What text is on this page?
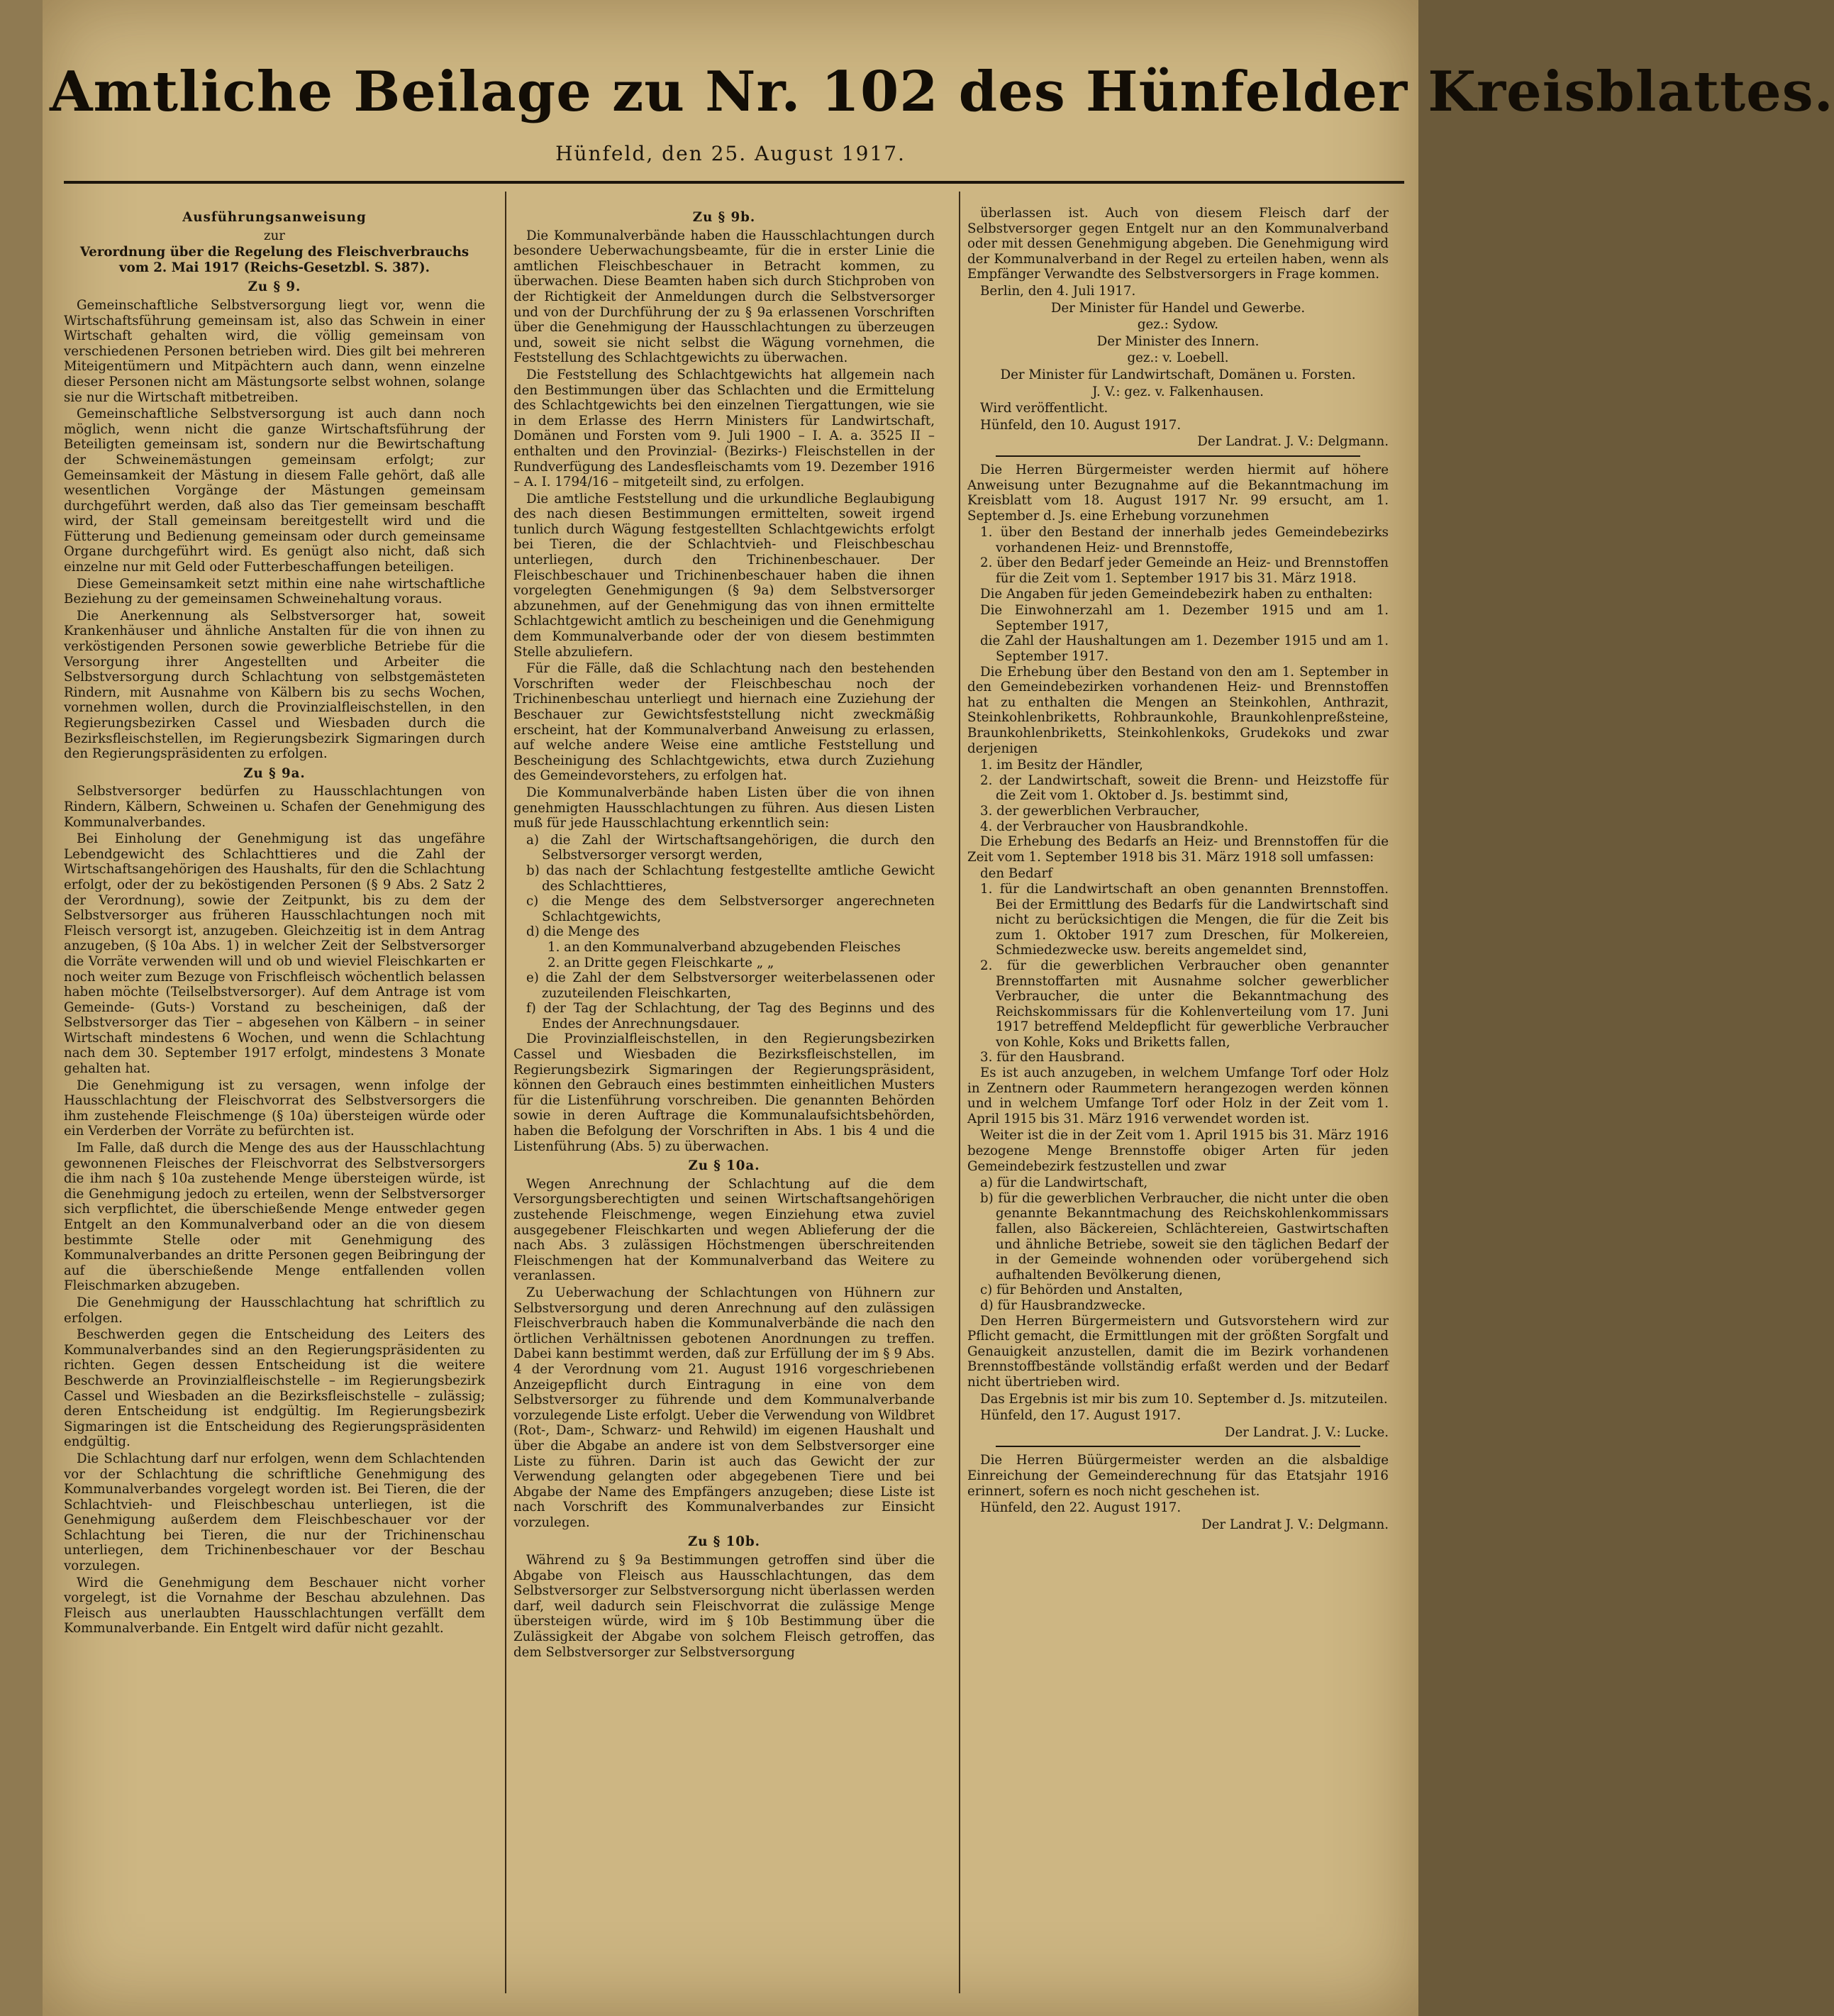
Amtliche Beilage zu Nr. 102 des Hünfelder Kreisblattes.
Hünfeld, den 25. August 1917.

Ausführungsanweisung

zur

Verordnung über die Regelung des Fleischverbrauchs vom 2. Mai 1917 (Reichs-Gesetzbl. S. 387).

Zu § 9.

Gemeinschaftliche Selbstversorgung liegt vor, wenn die Wirtschaftsführung gemeinsam ist, also das Schwein in einer Wirtschaft gehalten wird, die völlig gemeinsam von verschiedenen Personen betrieben wird. Dies gilt bei mehreren Miteigentümern und Mitpächtern auch dann, wenn einzelne dieser Personen nicht am Mästungsorte selbst wohnen, solange sie nur die Wirtschaft mitbetreiben.

Gemeinschaftliche Selbstversorgung ist auch dann noch möglich, wenn nicht die ganze Wirtschaftsführung der Beteiligten gemeinsam ist, sondern nur die Bewirtschaftung der Schweinemästungen gemeinsam erfolgt; zur Gemeinsamkeit der Mästung in diesem Falle gehört, daß alle wesentlichen Vorgänge der Mästungen gemeinsam durchgeführt werden, daß also das Tier gemeinsam beschafft wird, der Stall gemeinsam bereitgestellt wird und die Fütterung und Bedienung gemeinsam oder durch gemeinsame Organe durchgeführt wird. Es genügt also nicht, daß sich einzelne nur mit Geld oder Futterbeschaffungen beteiligen.

Diese Gemeinsamkeit setzt mithin eine nahe wirtschaftliche Beziehung zu der gemeinsamen Schweinehaltung voraus.

Die Anerkennung als Selbstversorger hat, soweit Krankenhäuser und ähnliche Anstalten für die von ihnen zu verköstigenden Personen sowie gewerbliche Betriebe für die Versorgung ihrer Angestellten und Arbeiter die Selbstversorgung durch Schlachtung von selbstgemästeten Rindern, mit Ausnahme von Kälbern bis zu sechs Wochen, vornehmen wollen, durch die Provinzialfleischstellen, in den Regierungsbezirken Cassel und Wiesbaden durch die Bezirksfleischstellen, im Regierungsbezirk Sigmaringen durch den Regierungspräsidenten zu erfolgen.

Zu § 9a.

Selbstversorger bedürfen zu Hausschlachtungen von Rindern, Kälbern, Schweinen u. Schafen der Genehmigung des Kommunalverbandes.

Bei Einholung der Genehmigung ist das ungefähre Lebendgewicht des Schlachttieres und die Zahl der Wirtschaftsangehörigen des Haushalts, für den die Schlachtung erfolgt, oder der zu beköstigenden Personen (§ 9 Abs. 2 Satz 2 der Verordnung), sowie der Zeitpunkt, bis zu dem der Selbstversorger aus früheren Hausschlachtungen noch mit Fleisch versorgt ist, anzugeben. Gleichzeitig ist in dem Antrag anzugeben, (§ 10a Abs. 1) in welcher Zeit der Selbstversorger die Vorräte verwenden will und ob und wieviel Fleischkarten er noch weiter zum Bezuge von Frischfleisch wöchentlich belassen haben möchte (Teilselbstversorger). Auf dem Antrage ist vom Gemeinde- (Guts-) Vorstand zu bescheinigen, daß der Selbstversorger das Tier – abgesehen von Kälbern – in seiner Wirtschaft mindestens 6 Wochen, und wenn die Schlachtung nach dem 30. September 1917 erfolgt, mindestens 3 Monate gehalten hat.

Die Genehmigung ist zu versagen, wenn infolge der Hausschlachtung der Fleischvorrat des Selbstversorgers die ihm zustehende Fleischmenge (§ 10a) übersteigen würde oder ein Verderben der Vorräte zu befürchten ist.

Im Falle, daß durch die Menge des aus der Hausschlachtung gewonnenen Fleisches der Fleischvorrat des Selbstversorgers die ihm nach § 10a zustehende Menge übersteigen würde, ist die Genehmigung jedoch zu erteilen, wenn der Selbstversorger sich verpflichtet, die überschießende Menge entweder gegen Entgelt an den Kommunalverband oder an die von diesem bestimmte Stelle oder mit Genehmigung des Kommunalverbandes an dritte Personen gegen Beibringung der auf die überschießende Menge entfallenden vollen Fleischmarken abzugeben.

Die Genehmigung der Hausschlachtung hat schriftlich zu erfolgen.

Beschwerden gegen die Entscheidung des Leiters des Kommunalverbandes sind an den Regierungspräsidenten zu richten. Gegen dessen Entscheidung ist die weitere Beschwerde an Provinzialfleischstelle – im Regierungsbezirk Cassel und Wiesbaden an die Bezirksfleischstelle – zulässig; deren Entscheidung ist endgültig. Im Regierungsbezirk Sigmaringen ist die Entscheidung des Regierungspräsidenten endgültig.

Die Schlachtung darf nur erfolgen, wenn dem Schlachtenden vor der Schlachtung die schriftliche Genehmigung des Kommunalverbandes vorgelegt worden ist. Bei Tieren, die der Schlachtvieh- und Fleischbeschau unterliegen, ist die Genehmigung außerdem dem Fleischbeschauer vor der Schlachtung bei Tieren, die nur der Trichinenschau unterliegen, dem Trichinenbeschauer vor der Beschau vorzulegen.

Wird die Genehmigung dem Beschauer nicht vorher vorgelegt, ist die Vornahme der Beschau abzulehnen. Das Fleisch aus unerlaubten Hausschlachtungen verfällt dem Kommunalverbande. Ein Entgelt wird dafür nicht gezahlt.

Zu § 9b.

Die Kommunalverbände haben die Hausschlachtungen durch besondere Ueberwachungsbeamte, für die in erster Linie die amtlichen Fleischbeschauer in Betracht kommen, zu überwachen. Diese Beamten haben sich durch Stichproben von der Richtigkeit der Anmeldungen durch die Selbstversorger und von der Durchführung der zu § 9a erlassenen Vorschriften über die Genehmigung der Hausschlachtungen zu überzeugen und, soweit sie nicht selbst die Wägung vornehmen, die Feststellung des Schlachtgewichts zu überwachen.

Die Feststellung des Schlachtgewichts hat allgemein nach den Bestimmungen über das Schlachten und die Ermittelung des Schlachtgewichts bei den einzelnen Tiergattungen, wie sie in dem Erlasse des Herrn Ministers für Landwirtschaft, Domänen und Forsten vom 9. Juli 1900 – I. A. a. 3525 II – enthalten und den Provinzial- (Bezirks-) Fleischstellen in der Rundverfügung des Landesfleischamts vom 19. Dezember 1916 – A. I. 1794/16 – mitgeteilt sind, zu erfolgen.

Die amtliche Feststellung und die urkundliche Beglaubigung des nach diesen Bestimmungen ermittelten, soweit irgend tunlich durch Wägung festgestellten Schlachtgewichts erfolgt bei Tieren, die der Schlachtvieh- und Fleischbeschau unterliegen, durch den Trichinenbeschauer. Der Fleischbeschauer und Trichinenbeschauer haben die ihnen vorgelegten Genehmigungen (§ 9a) dem Selbstversorger abzunehmen, auf der Genehmigung das von ihnen ermittelte Schlachtgewicht amtlich zu bescheinigen und die Genehmigung dem Kommunalverbande oder der von diesem bestimmten Stelle abzuliefern.

Für die Fälle, daß die Schlachtung nach den bestehenden Vorschriften weder der Fleischbeschau noch der Trichinenbeschau unterliegt und hiernach eine Zuziehung der Beschauer zur Gewichtsfeststellung nicht zweckmäßig erscheint, hat der Kommunalverband Anweisung zu erlassen, auf welche andere Weise eine amtliche Feststellung und Bescheinigung des Schlachtgewichts, etwa durch Zuziehung des Gemeindevorstehers, zu erfolgen hat.

Die Kommunalverbände haben Listen über die von ihnen genehmigten Hausschlachtungen zu führen. Aus diesen Listen muß für jede Hausschlachtung erkenntlich sein:

a) die Zahl der Wirtschaftsangehörigen, die durch den Selbstversorger versorgt werden,

b) das nach der Schlachtung festgestellte amtliche Gewicht des Schlachttieres,

c) die Menge des dem Selbstversorger angerechneten Schlachtgewichts,

d) die Menge des

1. an den Kommunalverband abzugebenden Fleisches

2. an Dritte gegen Fleischkarte „ „

e) die Zahl der dem Selbstversorger weiterbelassenen oder zuzuteilenden Fleischkarten,

f) der Tag der Schlachtung, der Tag des Beginns und des Endes der Anrechnungsdauer.

Die Provinzialfleischstellen, in den Regierungsbezirken Cassel und Wiesbaden die Bezirksfleischstellen, im Regierungsbezirk Sigmaringen der Regierungspräsident, können den Gebrauch eines bestimmten einheitlichen Musters für die Listenführung vorschreiben. Die genannten Behörden sowie in deren Auftrage die Kommunalaufsichtsbehörden, haben die Befolgung der Vorschriften in Abs. 1 bis 4 und die Listenführung (Abs. 5) zu überwachen.

Zu § 10a.

Wegen Anrechnung der Schlachtung auf die dem Versorgungsberechtigten und seinen Wirtschaftsangehörigen zustehende Fleischmenge, wegen Einziehung etwa zuviel ausgegebener Fleischkarten und wegen Ablieferung der die nach Abs. 3 zulässigen Höchstmengen überschreitenden Fleischmengen hat der Kommunalverband das Weitere zu veranlassen.

Zu Ueberwachung der Schlachtungen von Hühnern zur Selbstversorgung und deren Anrechnung auf den zulässigen Fleischverbrauch haben die Kommunalverbände die nach den örtlichen Verhältnissen gebotenen Anordnungen zu treffen. Dabei kann bestimmt werden, daß zur Erfüllung der im § 9 Abs. 4 der Verordnung vom 21. August 1916 vorgeschriebenen Anzeigepflicht durch Eintragung in eine von dem Selbstversorger zu führende und dem Kommunalverbande vorzulegende Liste erfolgt. Ueber die Verwendung von Wildbret (Rot-, Dam-, Schwarz- und Rehwild) im eigenen Haushalt und über die Abgabe an andere ist von dem Selbstversorger eine Liste zu führen. Darin ist auch das Gewicht der zur Verwendung gelangten oder abgegebenen Tiere und bei Abgabe der Name des Empfängers anzugeben; diese Liste ist nach Vorschrift des Kommunalverbandes zur Einsicht vorzulegen.

Zu § 10b.

Während zu § 9a Bestimmungen getroffen sind über die Abgabe von Fleisch aus Hausschlachtungen, das dem Selbstversorger zur Selbstversorgung nicht überlassen werden darf, weil dadurch sein Fleischvorrat die zulässige Menge übersteigen würde, wird im § 10b Bestimmung über die Zulässigkeit der Abgabe von solchem Fleisch getroffen, das dem Selbstversorger zur Selbstversorgung

überlassen ist. Auch von diesem Fleisch darf der Selbstversorger gegen Entgelt nur an den Kommunalverband oder mit dessen Genehmigung abgeben. Die Genehmigung wird der Kommunalverband in der Regel zu erteilen haben, wenn als Empfänger Verwandte des Selbstversorgers in Frage kommen.

Berlin, den 4. Juli 1917.

Der Minister für Handel und Gewerbe.

gez.: Sydow.

Der Minister des Innern.

gez.: v. Loebell.

Der Minister für Landwirtschaft, Domänen u. Forsten.

J. V.: gez. v. Falkenhausen.

Wird veröffentlicht.

Hünfeld, den 10. August 1917.

Der Landrat. J. V.: Delgmann.

Die Herren Bürgermeister werden hiermit auf höhere Anweisung unter Bezugnahme auf die Bekanntmachung im Kreisblatt vom 18. August 1917 Nr. 99 ersucht, am 1. September d. Js. eine Erhebung vorzunehmen

1. über den Bestand der innerhalb jedes Gemeindebezirks vorhandenen Heiz- und Brennstoffe,

2. über den Bedarf jeder Gemeinde an Heiz- und Brennstoffen für die Zeit vom 1. September 1917 bis 31. März 1918.

Die Angaben für jeden Gemeindebezirk haben zu enthalten:

Die Einwohnerzahl am 1. Dezember 1915 und am 1. September 1917,

die Zahl der Haushaltungen am 1. Dezember 1915 und am 1. September 1917.

Die Erhebung über den Bestand von den am 1. September in den Gemeindebezirken vorhandenen Heiz- und Brennstoffen hat zu enthalten die Mengen an Steinkohlen, Anthrazit, Steinkohlenbriketts, Rohbraunkohle, Braunkohlenpreßsteine, Braunkohlenbriketts, Steinkohlenkoks, Grudekoks und zwar derjenigen

1. im Besitz der Händler,

2. der Landwirtschaft, soweit die Brenn- und Heizstoffe für die Zeit vom 1. Oktober d. Js. bestimmt sind,

3. der gewerblichen Verbraucher,

4. der Verbraucher von Hausbrandkohle.

Die Erhebung des Bedarfs an Heiz- und Brennstoffen für die Zeit vom 1. September 1918 bis 31. März 1918 soll umfassen:

den Bedarf

1. für die Landwirtschaft an oben genannten Brennstoffen. Bei der Ermittlung des Bedarfs für die Landwirtschaft sind nicht zu berücksichtigen die Mengen, die für die Zeit bis zum 1. Oktober 1917 zum Dreschen, für Molkereien, Schmiedezwecke usw. bereits angemeldet sind,

2. für die gewerblichen Verbraucher oben genannter Brennstoffarten mit Ausnahme solcher gewerblicher Verbraucher, die unter die Bekanntmachung des Reichskommissars für die Kohlenverteilung vom 17. Juni 1917 betreffend Meldepflicht für gewerbliche Verbraucher von Kohle, Koks und Briketts fallen,

3. für den Hausbrand.

Es ist auch anzugeben, in welchem Umfange Torf oder Holz in Zentnern oder Raummetern herangezogen werden können und in welchem Umfange Torf oder Holz in der Zeit vom 1. April 1915 bis 31. März 1916 verwendet worden ist.

Weiter ist die in der Zeit vom 1. April 1915 bis 31. März 1916 bezogene Menge Brennstoffe obiger Arten für jeden Gemeindebezirk festzustellen und zwar

a) für die Landwirtschaft,

b) für die gewerblichen Verbraucher, die nicht unter die oben genannte Bekanntmachung des Reichskohlenkommissars fallen, also Bäckereien, Schlächtereien, Gastwirtschaften und ähnliche Betriebe, soweit sie den täglichen Bedarf der in der Gemeinde wohnenden oder vorübergehend sich aufhaltenden Bevölkerung dienen,

c) für Behörden und Anstalten,

d) für Hausbrandzwecke.

Den Herren Bürgermeistern und Gutsvorstehern wird zur Pflicht gemacht, die Ermittlungen mit der größten Sorgfalt und Genauigkeit anzustellen, damit die im Bezirk vorhandenen Brennstoffbestände vollständig erfaßt werden und der Bedarf nicht übertrieben wird.

Das Ergebnis ist mir bis zum 10. September d. Js. mitzuteilen.

Hünfeld, den 17. August 1917.

Der Landrat. J. V.: Lucke.

Die Herren Büürgermeister werden an die alsbaldige Einreichung der Gemeinderechnung für das Etatsjahr 1916 erinnert, sofern es noch nicht geschehen ist.

Hünfeld, den 22. August 1917.

Der Landrat J. V.: Delgmann.
